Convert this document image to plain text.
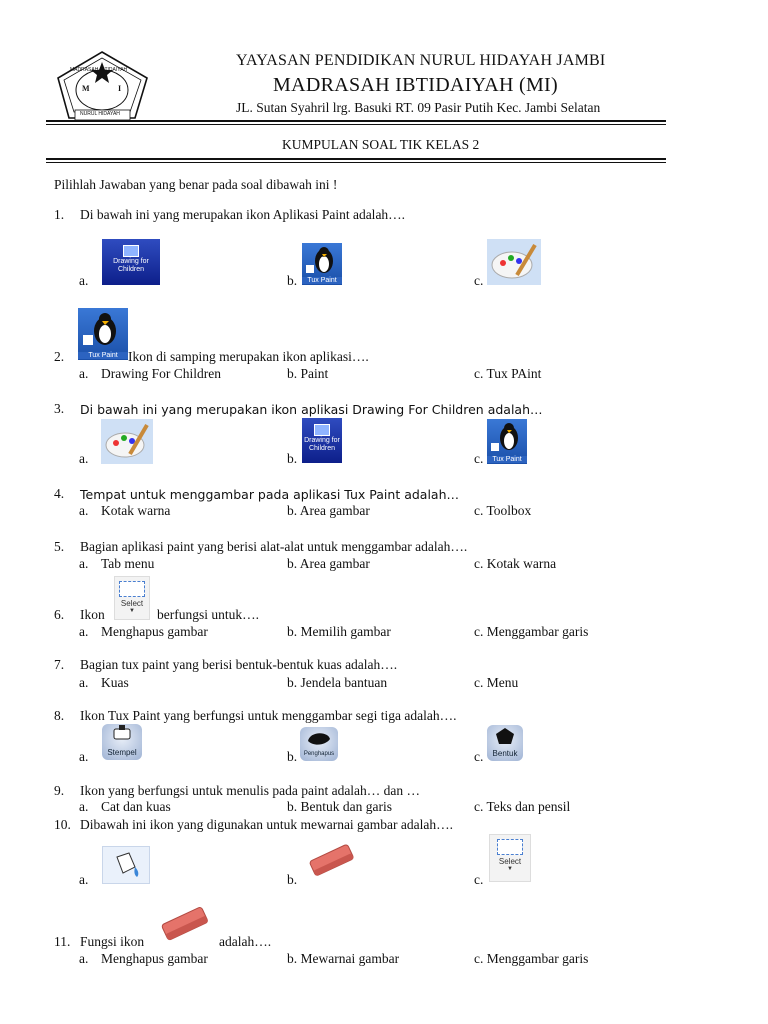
MADRASAH IBTIDAIYAH
M	I
NURUL HIDAYAH
YAYASAN PENDIDIKAN NURUL HIDAYAH JAMBI
MADRASAH IBTIDAIYAH (MI)
JL. Sutan Syahril lrg. Basuki RT. 09 Pasir Putih Kec. Jambi Selatan
KUMPULAN SOAL TIK KELAS 2
Pilihlah Jawaban yang benar pada soal dibawah ini !
1. Di bawah ini yang merupakan ikon Aplikasi Paint adalah….
a.
Drawing for Children
b.	Tux Paint	c.
Tux Paint
2.	Ikon di samping merupakan ikon aplikasi….
a. Drawing For Children	b. Paint	c. Tux PAint
3. Di bawah ini yang merupakan ikon aplikasi Drawing For Children adalah…
a.	b.
Drawing for Children
c.	Tux Paint
4. Tempat untuk menggambar pada aplikasi Tux Paint adalah…
a. Kotak warna	b. Area gambar	c. Toolbox
5. Bagian aplikasi paint yang berisi alat-alat untuk menggambar adalah….
a. Tab menu	b. Area gambar	c. Kotak warna
6. Ikon
Select
▼	berfungsi untuk….
a. Menghapus gambar	b. Memilih gambar	c. Menggambar garis
7. Bagian tux paint yang berisi bentuk-bentuk kuas adalah….
a. Kuas	b. Jendela bantuan	c. Menu
8. Ikon Tux Paint yang berfungsi untuk menggambar segi tiga adalah….
a.	Stempel	b.	Penghapus	c.	Bentuk
9. Ikon yang berfungsi untuk menulis pada paint adalah… dan …
a. Cat dan kuas	b. Bentuk dan garis	c. Teks dan pensil
10. Dibawah ini ikon yang digunakan untuk mewarnai gambar adalah….
a.	b.	c.
Select
▼
11. Fungsi ikon	adalah….
a. Menghapus gambar	b. Mewarnai gambar	c. Menggambar garis
